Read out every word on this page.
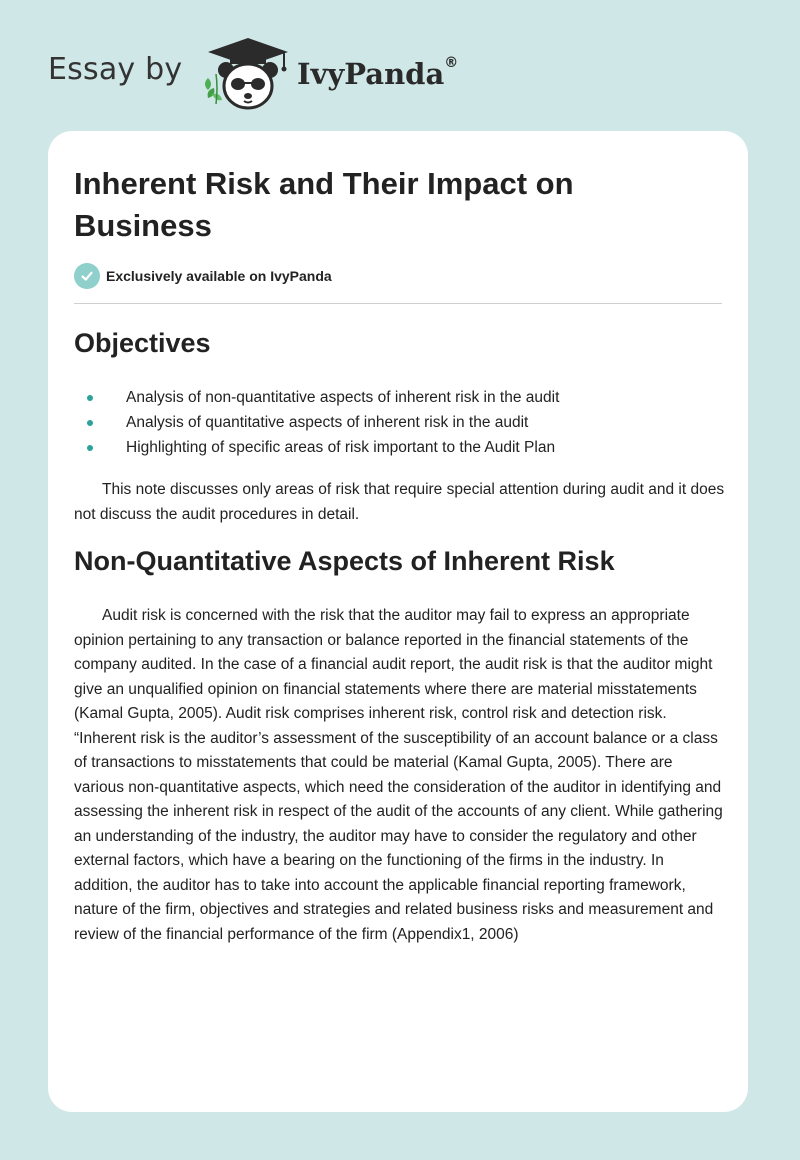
Essay by	IvyPanda®
Inherent Risk and Their Impact on Business
Exclusively available on IvyPanda
Objectives
Analysis of non-quantitative aspects of inherent risk in the audit
Analysis of quantitative aspects of inherent risk in the audit
Highlighting of specific areas of risk important to the Audit Plan

This note discusses only areas of risk that require special attention during audit and it does not discuss the audit procedures in detail.

Non-Quantitative Aspects of Inherent Risk

Audit risk is concerned with the risk that the auditor may fail to express an appropriate opinion pertaining to any transaction or balance reported in the financial statements of the company audited. In the case of a financial audit report, the audit risk is that the auditor might give an unqualified opinion on financial statements where there are material misstatements (Kamal Gupta, 2005). Audit risk comprises inherent risk, control risk and detection risk. “Inherent risk is the auditor’s assessment of the susceptibility of an account balance or a class of transactions to misstatements that could be material (Kamal Gupta, 2005). There are various non-quantitative aspects, which need the consideration of the auditor in identifying and assessing the inherent risk in respect of the audit of the accounts of any client. While gathering an understanding of the industry, the auditor may have to consider the regulatory and other external factors, which have a bearing on the functioning of the firms in the industry. In addition, the auditor has to take into account the applicable financial reporting framework, nature of the firm, objectives and strategies and related business risks and measurement and review of the financial performance of the firm (Appendix1, 2006)
